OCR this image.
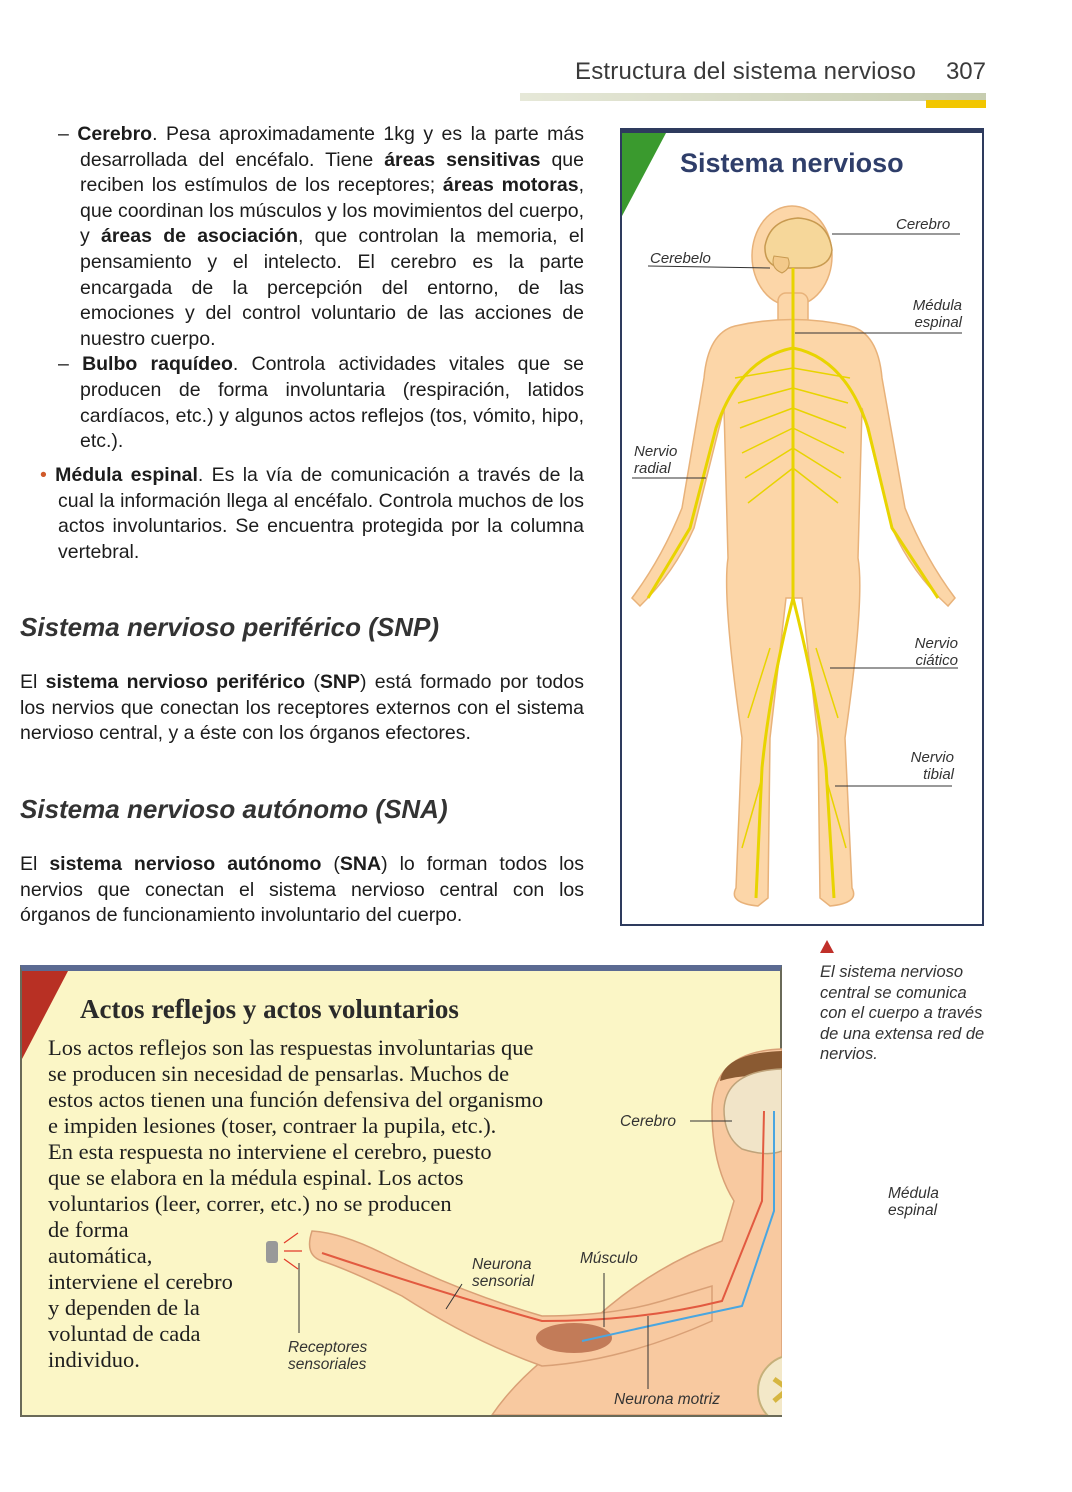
Estructura del sistema nervioso 307

– Cerebro. Pesa aproximadamente 1kg y es la parte más desarrollada del encéfalo. Tiene áreas sensitivas que reciben los estímulos de los receptores; áreas motoras, que coordinan los músculos y los movimientos del cuerpo, y áreas de asociación, que controlan la memoria, el pensamiento y el intelecto. El cerebro es la parte encargada de la percepción del entorno, de las emociones y del control voluntario de las acciones de nuestro cuerpo.

– Bulbo raquídeo. Controla actividades vitales que se producen de forma involuntaria (respiración, latidos cardíacos, etc.) y algunos actos reflejos (tos, vómito, hipo, etc.).

• Médula espinal. Es la vía de comunicación a través de la cual la información llega al encéfalo. Controla muchos de los actos involuntarios. Se encuentra protegida por la columna vertebral.

Sistema nervioso periférico (SNP)

El sistema nervioso periférico (SNP) está formado por todos los nervios que conectan los receptores externos con el sistema nervioso central, y a éste con los órganos efectores.

Sistema nervioso autónomo (SNA)

El sistema nervioso autónomo (SNA) lo forman todos los nervios que conectan el sistema nervioso central con los órganos de funcionamiento involuntario del cuerpo.

Sistema nervioso
Cerebro
Cerebelo
Médula
espinal
Nervio
radial
Nervio
ciático
Nervio
tibial
El sistema nervioso central se comunica con el cuerpo a través de una extensa red de nervios.
Actos reflejos y actos voluntarios
Los actos reflejos son las respuestas involuntarias que
se producen sin necesidad de pensarlas. Muchos de
estos actos tienen una función defensiva del organismo
e impiden lesiones (toser, contraer la pupila, etc.).
En esta respuesta no interviene el cerebro, puesto
que se elabora en la médula espinal. Los actos
voluntarios (leer, correr, etc.) no se producen
de forma
automática,
interviene el cerebro
y dependen de la
voluntad de cada
individuo.
Cerebro
Médula
espinal
Neurona
sensorial
Músculo
Receptores
sensoriales
Neurona motriz
